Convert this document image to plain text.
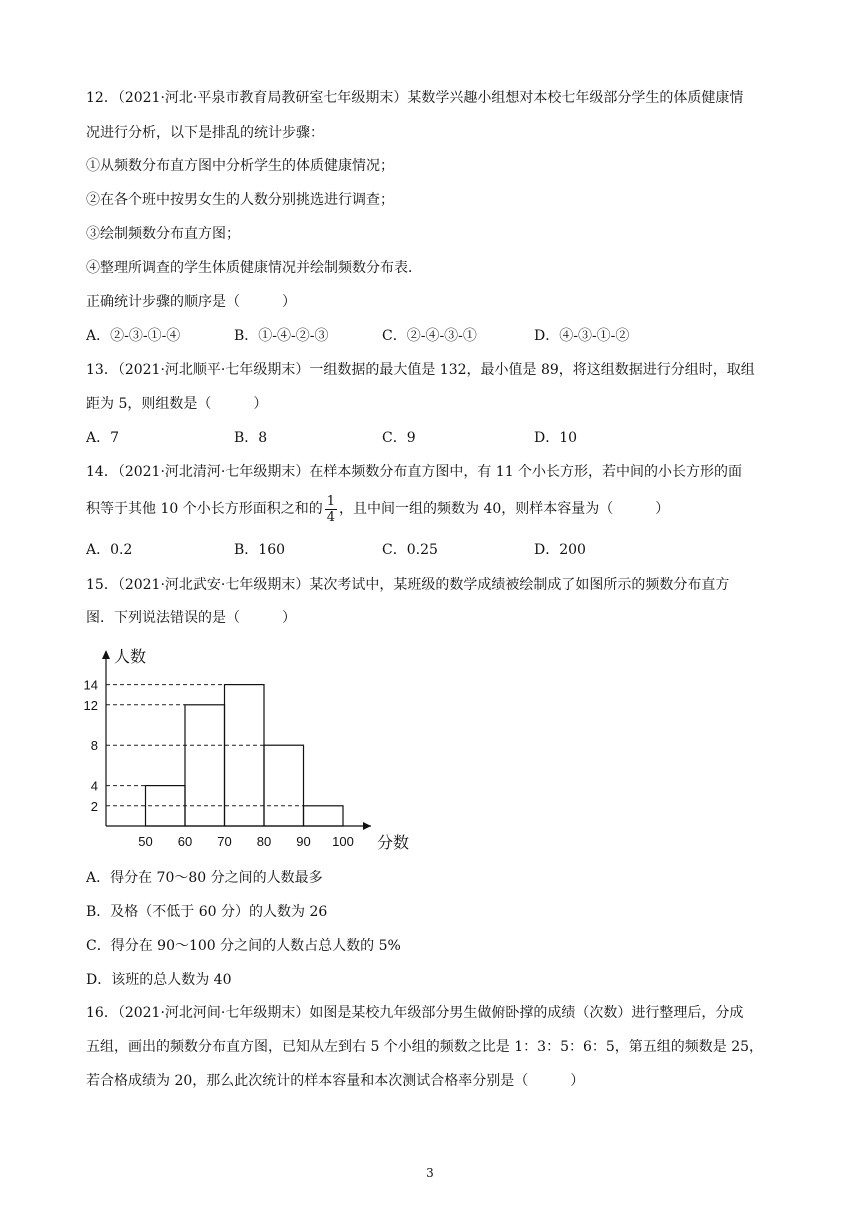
12．（2021·河北·平泉市教育局教研室七年级期末）某数学兴趣小组想对本校七年级部分学生的体质健康情
况进行分析，以下是排乱的统计步骤：
①从频数分布直方图中分析学生的体质健康情况；
②在各个班中按男女生的人数分别挑选进行调查；
③绘制频数分布直方图；
④整理所调查的学生体质健康情况并绘制频数分布表．
正确统计步骤的顺序是（　　　）
A．②-③-①-④	B．①-④-②-③	C．②-④-③-①	D．④-③-①-②
13．（2021·河北顺平·七年级期末）一组数据的最大值是 132，最小值是 89，将这组数据进行分组时，取组
距为 5，则组数是（　　　）
A．7	B．8	C．9	D．10
14．（2021·河北清河·七年级期末）在样本频数分布直方图中，有 11 个小长方形，若中间的小长方形的面
积等于其他 10 个小长方形面积之和的 $\frac{1}{4}$ ，且中间一组的频数为 40，则样本容量为（　　　）
A．0.2	B．160	C．0.25	D．200
15．（2021·河北武安·七年级期末）某次考试中，某班级的数学成绩被绘制成了如图所示的频数分布直方
图．下列说法错误的是（　　　）
50 60 70 80 90 100
2
4
8
12
14
分数
人数
A．得分在 70～80 分之间的人数最多
B．及格（不低于 60 分）的人数为 26
C．得分在 90～100 分之间的人数占总人数的 5%
D．该班的总人数为 40
16．（2021·河北河间·七年级期末）如图是某校九年级部分男生做俯卧撑的成绩（次数）进行整理后，分成
五组，画出的频数分布直方图，已知从左到右 5 个小组的频数之比是 1：3：5：6：5，第五组的频数是 25，
若合格成绩为 20，那么此次统计的样本容量和本次测试合格率分别是（　　　）
3
